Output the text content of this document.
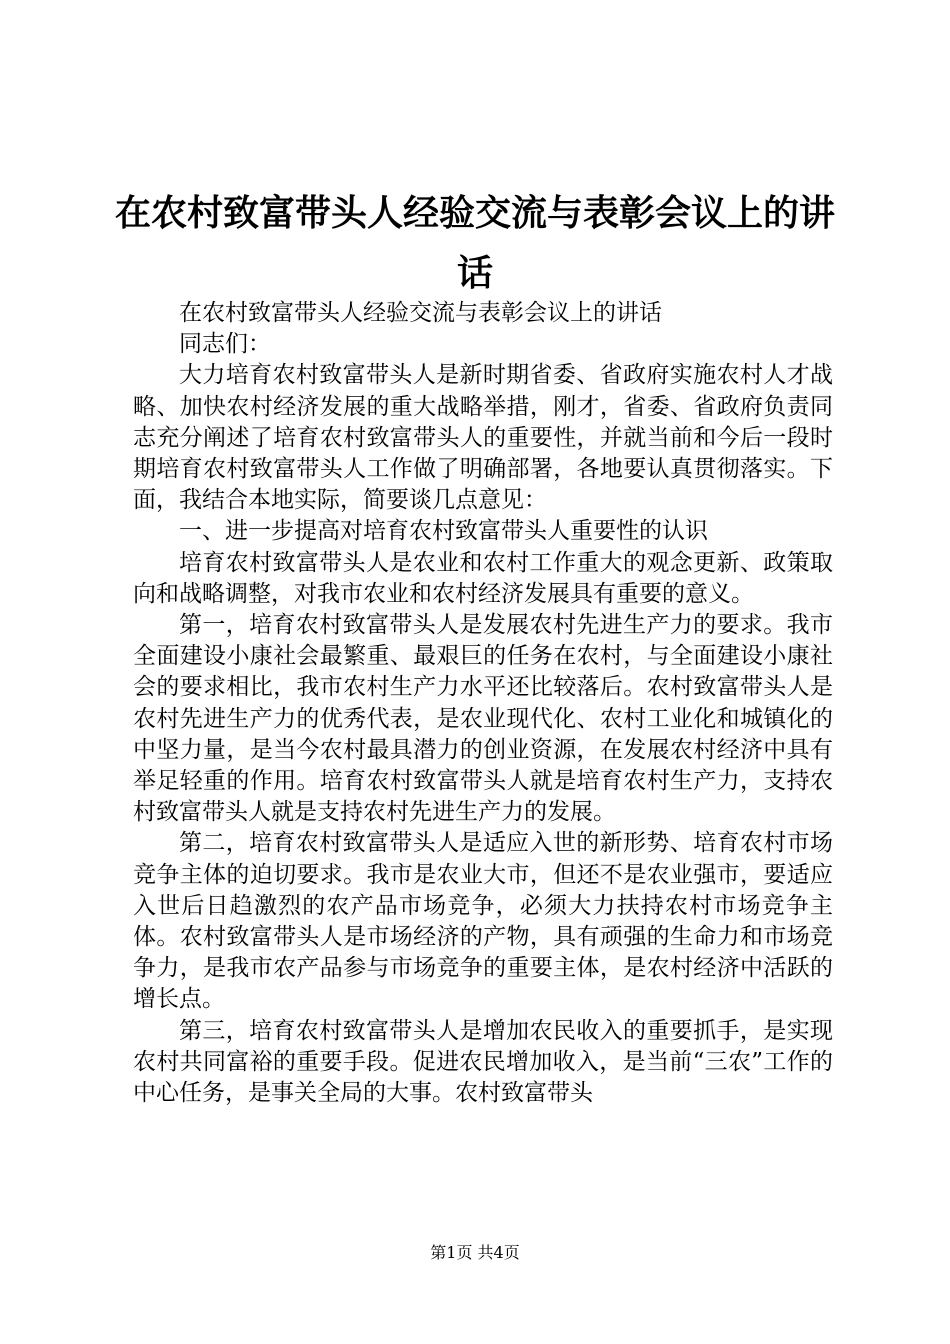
在农村致富带头人经验交流与表彰会议上的讲
话

在农村致富带头人经验交流与表彰会议上的讲话

同志们：

大力培育农村致富带头人是新时期省委、省政府实施农村人才战略、加快农村经济发展的重大战略举措，刚才，省委、省政府负责同志充分阐述了培育农村致富带头人的重要性，并就当前和今后一段时期培育农村致富带头人工作做了明确部署，各地要认真贯彻落实。下面，我结合本地实际，简要谈几点意见：

一、进一步提高对培育农村致富带头人重要性的认识

培育农村致富带头人是农业和农村工作重大的观念更新、政策取向和战略调整，对我市农业和农村经济发展具有重要的意义。

第一，培育农村致富带头人是发展农村先进生产力的要求。我市全面建设小康社会最繁重、最艰巨的任务在农村，与全面建设小康社会的要求相比，我市农村生产力水平还比较落后。农村致富带头人是农村先进生产力的优秀代表，是农业现代化、农村工业化和城镇化的中坚力量，是当今农村最具潜力的创业资源，在发展农村经济中具有举足轻重的作用。培育农村致富带头人就是培育农村生产力，支持农村致富带头人就是支持农村先进生产力的发展。

第二，培育农村致富带头人是适应入世的新形势、培育农村市场竞争主体的迫切要求。我市是农业大市，但还不是农业强市，要适应入世后日趋激烈的农产品市场竞争，必须大力扶持农村市场竞争主体。农村致富带头人是市场经济的产物，具有顽强的生命力和市场竞争力，是我市农产品参与市场竞争的重要主体，是农村经济中活跃的增长点。

第三，培育农村致富带头人是增加农民收入的重要抓手，是实现农村共同富裕的重要手段。促进农民增加收入，是当前“三农”工作的中心任务，是事关全局的大事。农村致富带头

第1页 共4页
